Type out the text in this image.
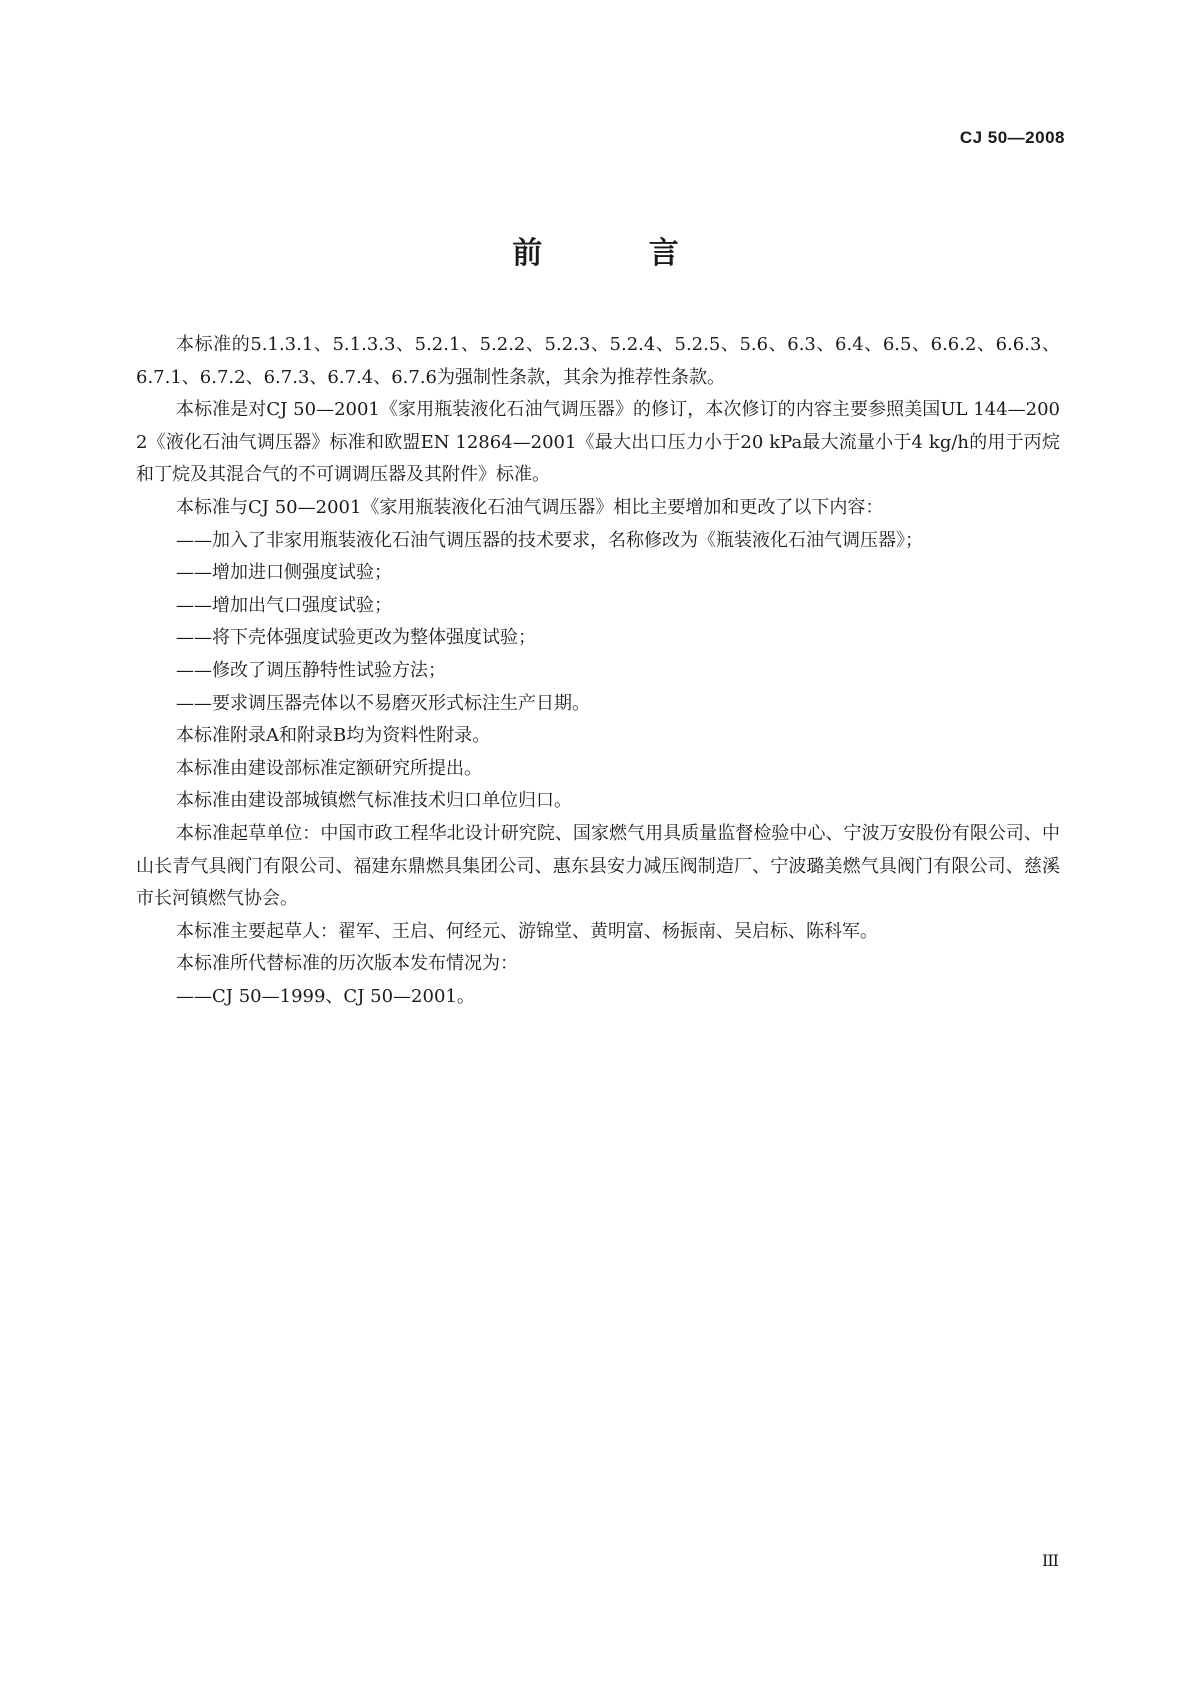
CJ 50—2008
前 言

本标准的5.1.3.1、5.1.3.3、5.2.1、5.2.2、5.2.3、5.2.4、5.2.5、5.6、6.3、6.4、6.5、6.6.2、6.6.3、6.7.1、6.7.2、6.7.3、6.7.4、6.7.6为强制性条款，其余为推荐性条款。

本标准是对CJ 50—2001《家用瓶装液化石油气调压器》的修订，本次修订的内容主要参照美国UL 144—2002《液化石油气调压器》标准和欧盟EN 12864—2001《最大出口压力小于20 kPa最大流量小于4 kg/h的用于丙烷和丁烷及其混合气的不可调调压器及其附件》标准。

本标准与CJ 50—2001《家用瓶装液化石油气调压器》相比主要增加和更改了以下内容：

——加入了非家用瓶装液化石油气调压器的技术要求，名称修改为《瓶装液化石油气调压器》；

——增加进口侧强度试验；

——增加出气口强度试验；

——将下壳体强度试验更改为整体强度试验；

——修改了调压静特性试验方法；

——要求调压器壳体以不易磨灭形式标注生产日期。

本标准附录A和附录B均为资料性附录。

本标准由建设部标准定额研究所提出。

本标准由建设部城镇燃气标准技术归口单位归口。

本标准起草单位：中国市政工程华北设计研究院、国家燃气用具质量监督检验中心、宁波万安股份有限公司、中山长青气具阀门有限公司、福建东鼎燃具集团公司、惠东县安力减压阀制造厂、宁波璐美燃气具阀门有限公司、慈溪市长河镇燃气协会。

本标准主要起草人：翟军、王启、何经元、游锦堂、黄明富、杨振南、吴启标、陈科军。

本标准所代替标准的历次版本发布情况为：

——CJ 50—1999、CJ 50—2001。

III
